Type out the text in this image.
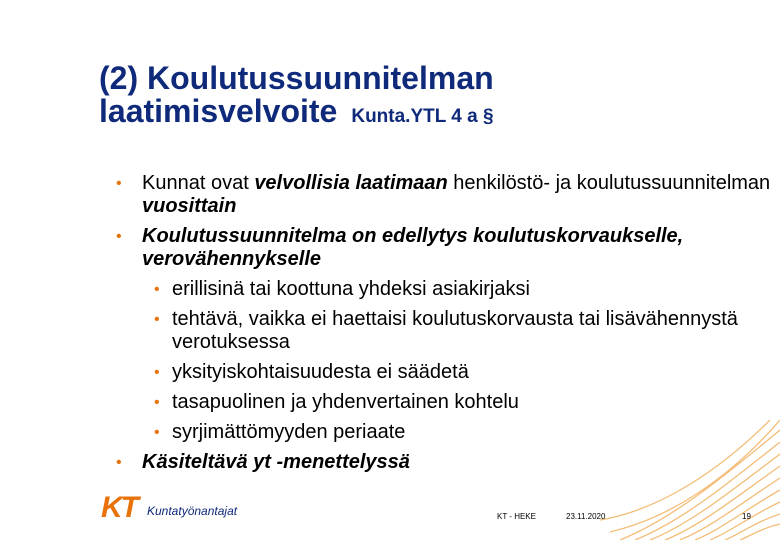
(2) Koulutussuunnitelman
laatimisvelvoite Kunta.YTL 4 a §
• Kunnat ovat velvollisia laatimaan henkilöstö- ja koulutussuunnitelman vuosittain
• Koulutussuunnitelma on edellytys koulutuskorvaukselle, verovähennykselle
• erillisinä tai koottuna yhdeksi asiakirjaksi
• tehtävä, vaikka ei haettaisi koulutuskorvausta tai lisävähennystä verotuksessa
• yksityiskohtaisuudesta ei säädetä
• tasapuolinen ja yhdenvertainen kohtelu
• syrjimättömyyden periaate
• Käsiteltävä yt -menettelyssä
KT Kuntatyönantajat	KT - HEKE	23.11.2020	19
